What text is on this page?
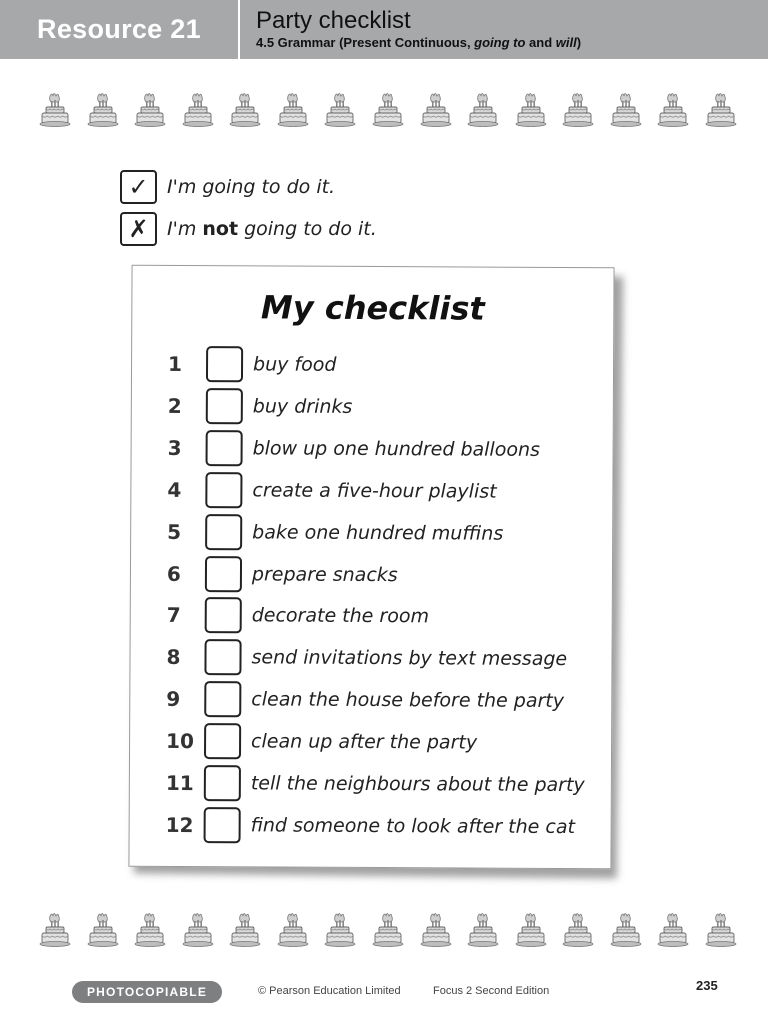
Resource 21	Party checklist
4.5 Grammar (Present Continuous, going to and will)
✓ I'm going to do it.
✗ I'm not going to do it.
My checklist
1	buy food
2	buy drinks
3	blow up one hundred balloons
4	create a five-hour playlist
5	bake one hundred muffins
6	prepare snacks
7	decorate the room
8	send invitations by text message
9	clean the house before the party
10	clean up after the party
11	tell the neighbours about the party
12	find someone to look after the cat
PHOTOCOPIABLE	© Pearson Education Limited	Focus 2 Second Edition	235
